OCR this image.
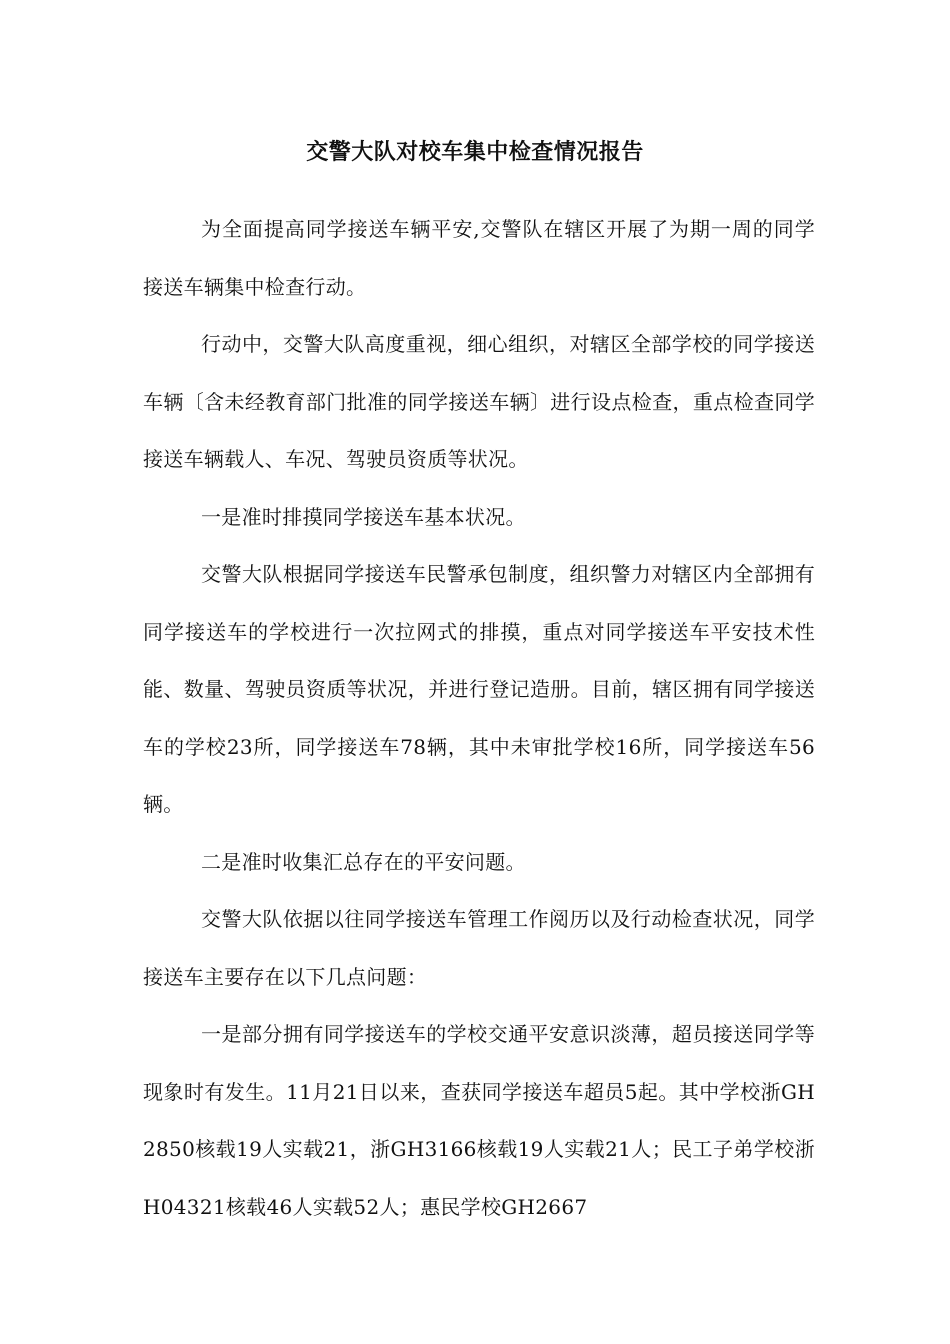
交警大队对校车集中检查情况报告

为全面提高同学接送车辆平安,交警队在辖区开展了为期一周的同学接送车辆集中检查行动。

行动中，交警大队高度重视，细心组织，对辖区全部学校的同学接送车辆〔含未经教育部门批准的同学接送车辆〕进行设点检查，重点检查同学接送车辆载人、车况、驾驶员资质等状况。

一是准时排摸同学接送车基本状况。

交警大队根据同学接送车民警承包制度，组织警力对辖区内全部拥有同学接送车的学校进行一次拉网式的排摸，重点对同学接送车平安技术性能、数量、驾驶员资质等状况，并进行登记造册。目前，辖区拥有同学接送车的学校23所，同学接送车78辆，其中未审批学校16所，同学接送车56辆。

二是准时收集汇总存在的平安问题。

交警大队依据以往同学接送车管理工作阅历以及行动检查状况，同学接送车主要存在以下几点问题：

一是部分拥有同学接送车的学校交通平安意识淡薄，超员接送同学等现象时有发生。11月21日以来，查获同学接送车超员5起。其中学校浙GH2850核载19人实载21，浙GH3166核载19人实载21人；民工子弟学校浙H04321核载46人实载52人；惠民学校GH2667
